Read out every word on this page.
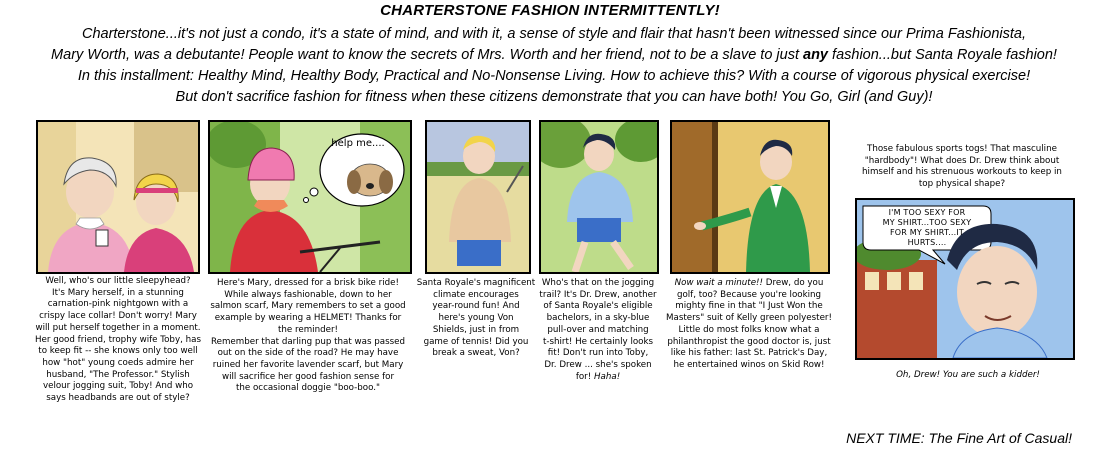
CHARTERSTONE FASHION INTERMITTENTLY!
Charterstone...it's not just a condo, it's a state of mind, and with it, a sense of style and flair that hasn't been witnessed since our Prima Fashionista,
Mary Worth, was a debutante! People want to know the secrets of Mrs. Worth and her friend, not to be a slave to just any fashion...but Santa Royale fashion!
In this installment: Healthy Mind, Healthy Body, Practical and No-Nonsense Living. How to achieve this? With a course of vigorous physical exercise!
But don't sacrifice fashion for fitness when these citizens demonstrate that you can have both! You Go, Girl (and Guy)!
Well, who's our little sleepyhead?
It's Mary herself, in a stunning
carnation-pink nightgown with a
crispy lace collar! Don't worry! Mary
will put herself together in a moment.
Her good friend, trophy wife Toby, has
to keep fit -- she knows only too well
how "hot" young coeds admire her
husband, "The Professor." Stylish
velour jogging suit, Toby! And who
says headbands are out of style?
help me....
Here's Mary, dressed for a brisk bike ride!
While always fashionable, down to her
salmon scarf, Mary remembers to set a good
example by wearing a HELMET! Thanks for
the reminder!
Remember that darling pup that was passed
out on the side of the road? He may have
ruined her favorite lavender scarf, but Mary
will sacrifice her good fashion sense for
the occasional doggie "boo-boo."
Santa Royale's magnificent
climate encourages
year-round fun! And
here's young Von
Shields, just in from
game of tennis! Did you
break a sweat, Von?
Who's that on the jogging
trail? It's Dr. Drew, another
of Santa Royale's eligible
bachelors, in a sky-blue
pull-over and matching
t-shirt! He certainly looks
fit! Don't run into Toby,
Dr. Drew ... she's spoken
for! Haha!
Now wait a minute!! Drew, do you
golf, too? Because you're looking
mighty fine in that "I Just Won the
Masters" suit of Kelly green polyester!
Little do most folks know what a
philanthropist the good doctor is, just
like his father: last St. Patrick's Day,
he entertained winos on Skid Row!
Those fabulous sports togs! That masculine
"hardbody"! What does Dr. Drew think about
himself and his strenuous workouts to keep in
top physical shape?
I'M TOO SEXY FOR
MY SHIRT...TOO SEXY
FOR MY SHIRT...IT
HURTS....
Oh, Drew! You are such a kidder!
NEXT TIME: The Fine Art of Casual!
